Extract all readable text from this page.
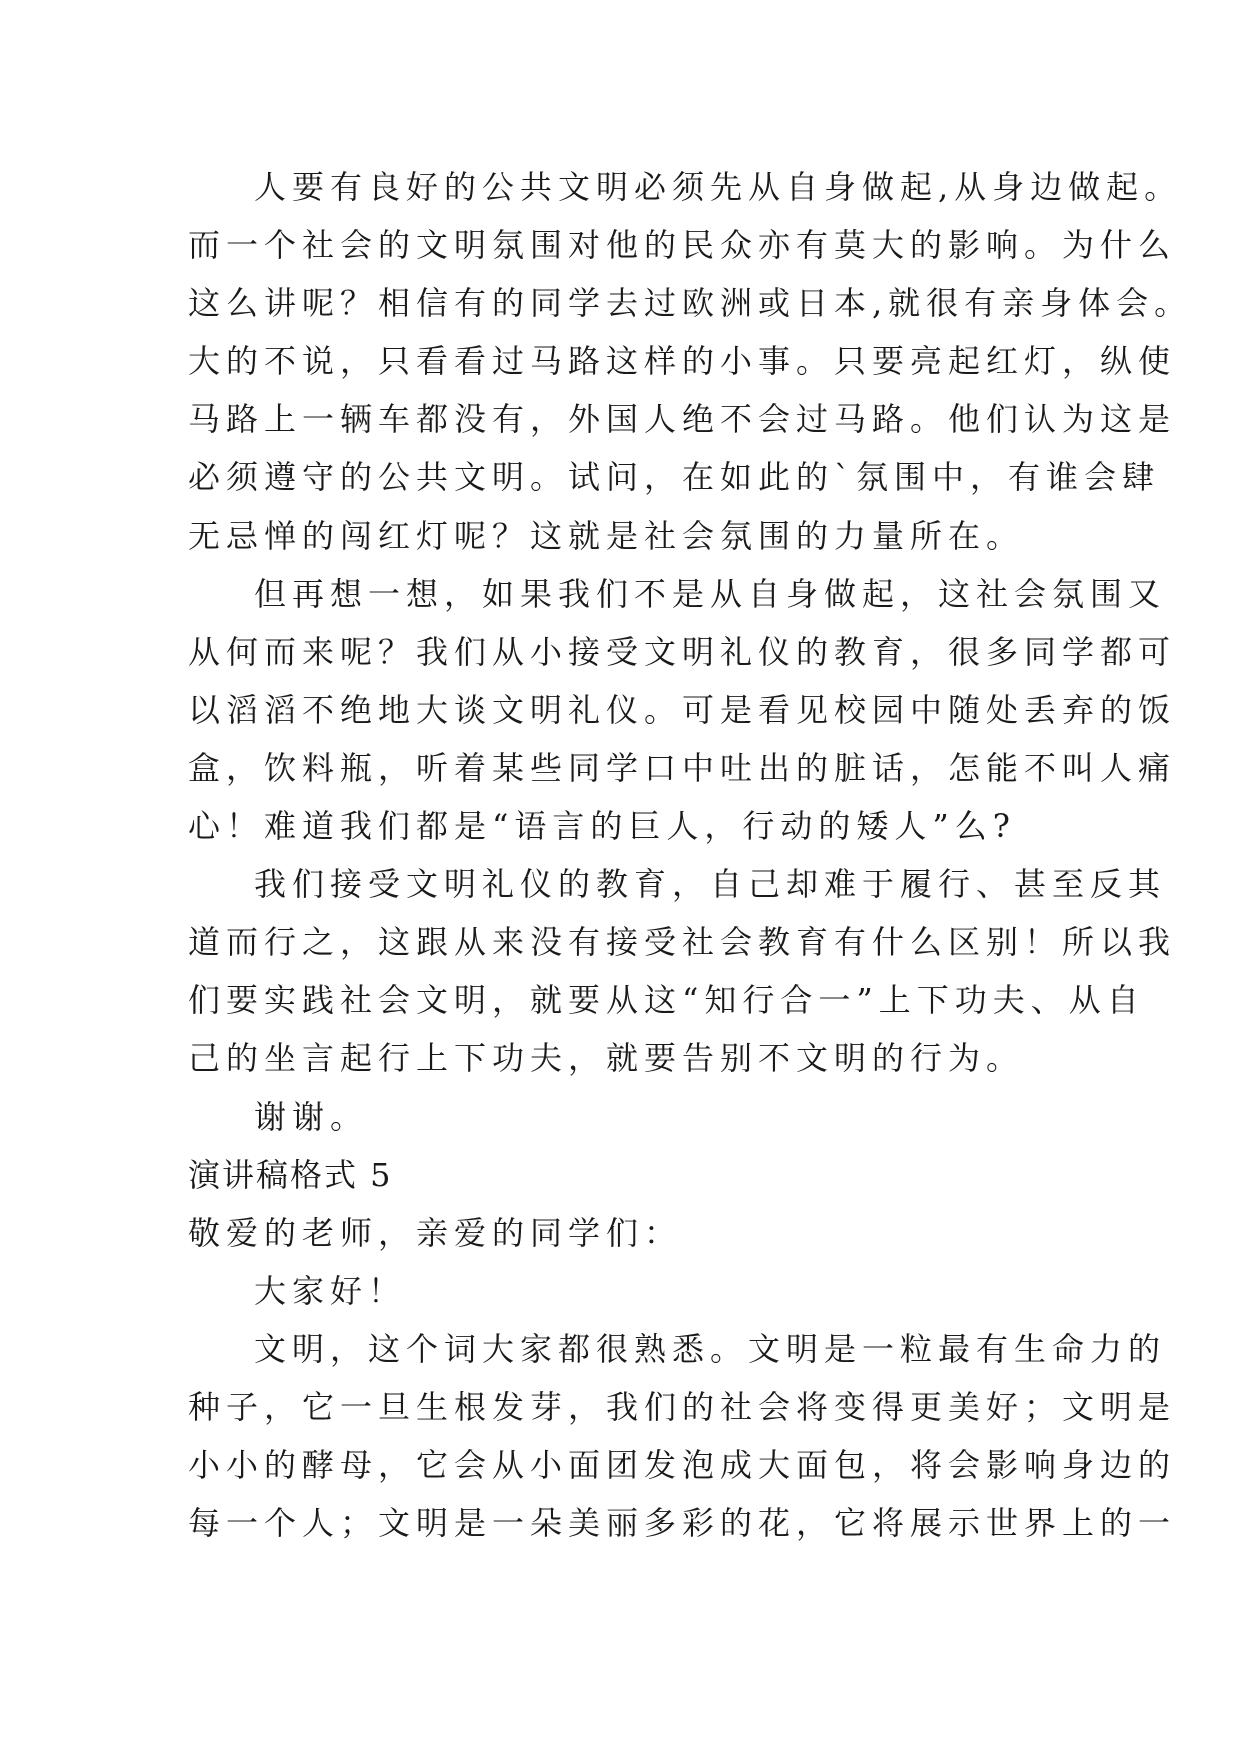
人要有良好的公共文明必须先从自身做起,从身边做起。
而一个社会的文明氛围对他的民众亦有莫大的影响。为什么
这么讲呢？相信有的同学去过欧洲或日本,就很有亲身体会。
大的不说，只看看过马路这样的小事。只要亮起红灯，纵使
马路上一辆车都没有，外国人绝不会过马路。他们认为这是
必须遵守的公共文明。试问，在如此的`氛围中，有谁会肆
无忌惮的闯红灯呢？这就是社会氛围的力量所在。
但再想一想，如果我们不是从自身做起，这社会氛围又
从何而来呢？我们从小接受文明礼仪的教育，很多同学都可
以滔滔不绝地大谈文明礼仪。可是看见校园中随处丢弃的饭
盒，饮料瓶，听着某些同学口中吐出的脏话，怎能不叫人痛
心！难道我们都是“语言的巨人，行动的矮人”么?
我们接受文明礼仪的教育，自己却难于履行、甚至反其
道而行之，这跟从来没有接受社会教育有什么区别！所以我
们要实践社会文明，就要从这“知行合一”上下功夫、从自
己的坐言起行上下功夫，就要告别不文明的行为。
谢谢。
演讲稿格式 5
敬爱的老师，亲爱的同学们：
大家好！
文明，这个词大家都很熟悉。文明是一粒最有生命力的
种子，它一旦生根发芽，我们的社会将变得更美好；文明是
小小的酵母，它会从小面团发泡成大面包，将会影响身边的
每一个人；文明是一朵美丽多彩的花，它将展示世界上的一
